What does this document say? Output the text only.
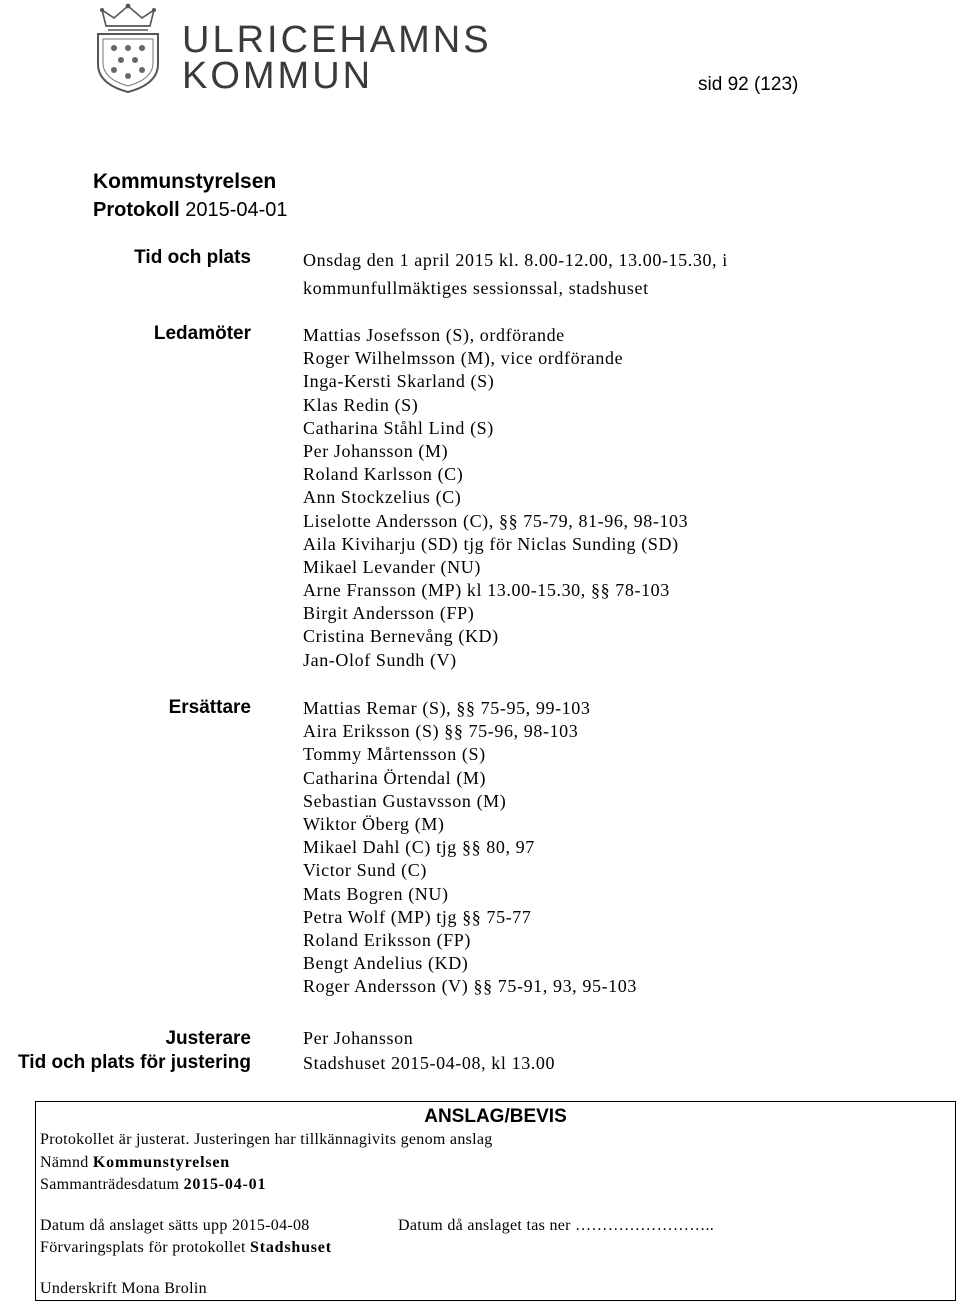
ULRICEHAMNS
KOMMUN	sid 92 (123)
Kommunstyrelsen
Protokoll 2015-04-01
Tid och plats	Onsdag den 1 april 2015 kl. 8.00-12.00, 13.00-15.30, i
kommunfullmäktiges sessionssal, stadshuset
Ledamöter	Mattias Josefsson (S), ordförande
Roger Wilhelmsson (M), vice ordförande
Inga-Kersti Skarland (S)
Klas Redin (S)
Catharina Ståhl Lind (S)
Per Johansson (M)
Roland Karlsson (C)
Ann Stockzelius (C)
Liselotte Andersson (C), §§ 75-79, 81-96, 98-103
Aila Kiviharju (SD) tjg för Niclas Sunding (SD)
Mikael Levander (NU)
Arne Fransson (MP) kl 13.00-15.30, §§ 78-103
Birgit Andersson (FP)
Cristina Bernevång (KD)
Jan-Olof Sundh (V)
Ersättare	Mattias Remar (S), §§ 75-95, 99-103
Aira Eriksson (S) §§ 75-96, 98-103
Tommy Mårtensson (S)
Catharina Örtendal (M)
Sebastian Gustavsson (M)
Wiktor Öberg (M)
Mikael Dahl (C) tjg §§ 80, 97
Victor Sund (C)
Mats Bogren (NU)
Petra Wolf (MP) tjg §§ 75-77
Roland Eriksson (FP)
Bengt Andelius (KD)
Roger Andersson (V) §§ 75-91, 93, 95-103
Justerare	Per Johansson
Tid och plats för justering	Stadshuset 2015-04-08, kl 13.00
ANSLAG/BEVIS
Protokollet är justerat. Justeringen har tillkännagivits genom anslag
Nämnd Kommunstyrelsen
Sammanträdesdatum 2015-04-01
Datum då anslaget sätts upp 2015-04-08	Datum då anslaget tas ner ……………………..
Förvaringsplats för protokollet Stadshuset
Underskrift Mona Brolin
